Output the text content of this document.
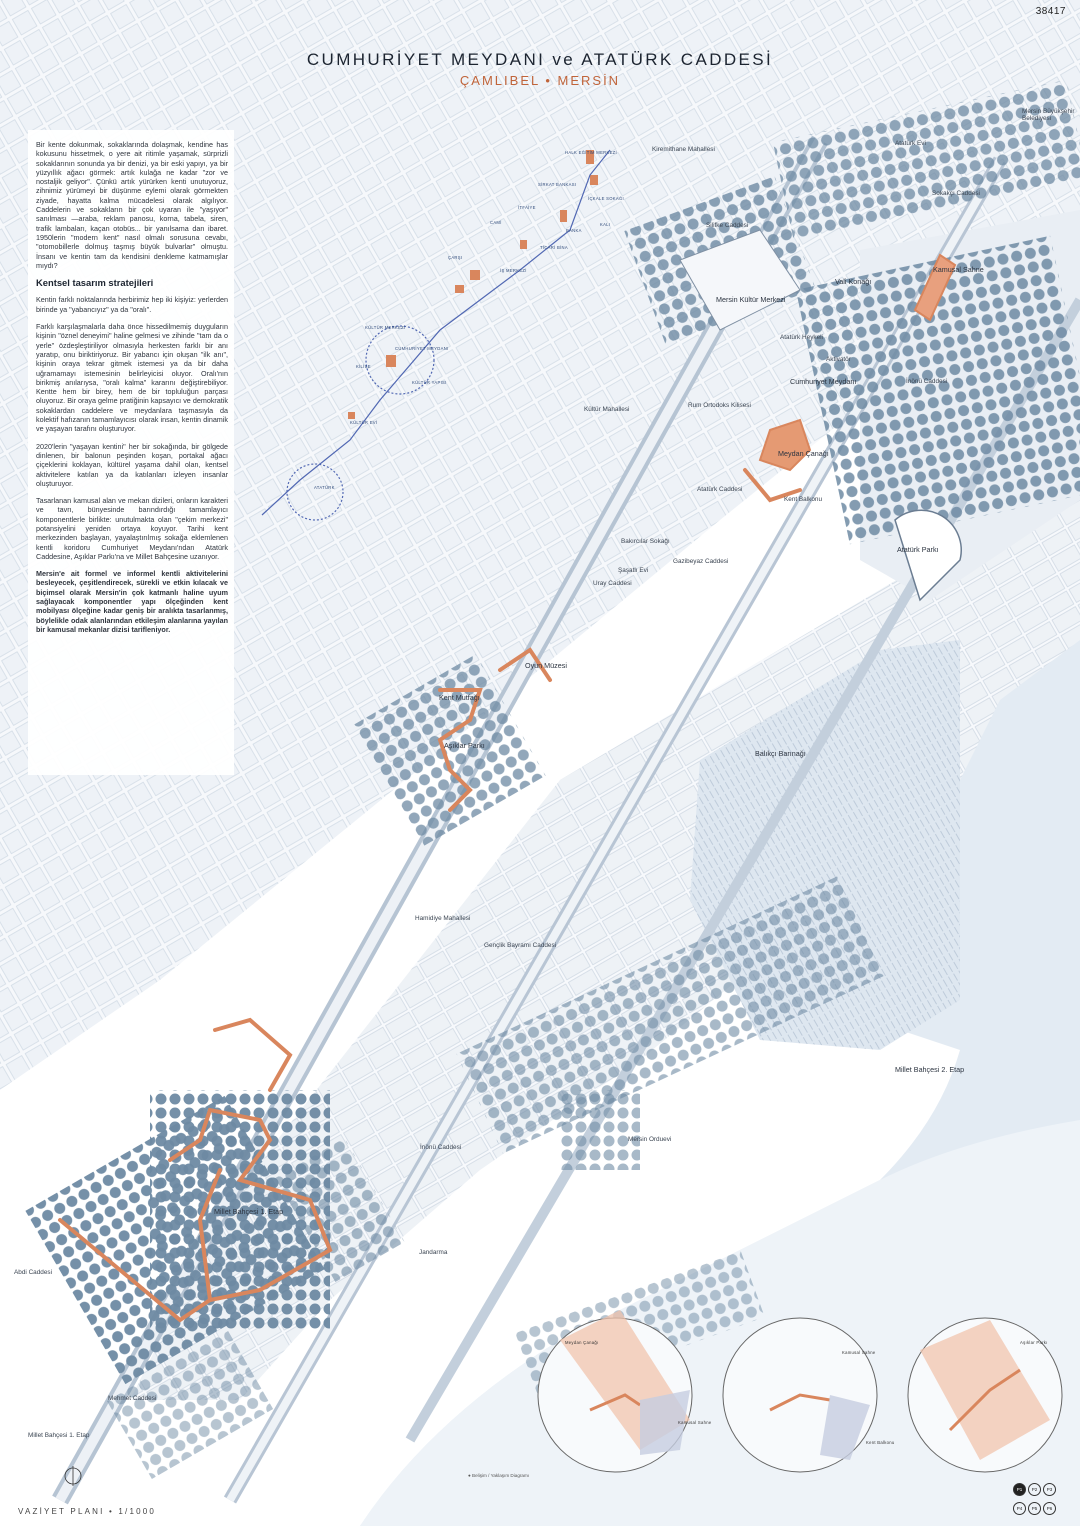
38417
CUMHURİYET MEYDANI ve ATATÜRK CADDESİ
ÇAMLIBEL • MERSİN

Bir kente dokunmak, sokaklarında dolaşmak, kendine has kokusunu hissetmek, o yere ait ritimle yaşamak, sürprizli sokaklarının sonunda ya bir denizi, ya bir eski yapıyı, ya bir yüzyıllık ağacı görmek: artık kulağa ne kadar "zor ve nostaljik geliyor". Çünkü artık yürürken kenti unutuyoruz, zihnimiz yürümeyi bir düşünme eylemi olarak görmekten ziyade, hayatta kalma mücadelesi olarak algılıyor. Caddelerin ve sokakların bir çok uyaran ile "yaşıyor" sanılması —araba, reklam panosu, korna, tabela, siren, trafik lambaları, kaçan otobüs... bir yanılsama dan ibaret. 1950lerin "modern kent" nasıl olmalı sorusuna cevabı, "otomobillerle dolmuş taşmış büyük bulvarlar" olmuştu. İnsanı ve kentin tam da kendisini denkleme katmamışlar mıydı?

Kentsel tasarım stratejileri

Kentin farklı noktalarında herbirimiz hep iki kişiyiz: yerlerden birinde ya "yabancıyız" ya da "oralı".

Farklı karşılaşmalarla daha önce hissedilmemiş duyguların kişinin "öznel deneyimi" haline gelmesi ve zihinde "tam da o yerle" özdeşleştiriliyor olmasıyla herkesten farklı bir anı yaratıp, onu biriktiriyoruz. Bir yabancı için oluşan "ilk anı", kişinin oraya tekrar gitmek istemesi ya da bir daha uğramamayı istemesinin belirleyicisi oluyor. Oralı'nın birikmiş anılarıysa, "oralı kalma" kararını değiştirebiliyor. Kentte hem bir birey, hem de bir topluluğun parçası oluyoruz. Bir oraya gelme pratiğinin kapsayıcı ve demokratik sokaklardan caddelere ve meydanlara taşmasıyla da kolektif hafızanın tamamlayıcısı olarak insan, kentin dinamik ve yaşayan tarafını oluşturuyor.

2020'lerin "yaşayan kentini" her bir sokağında, bir gölgede dinlenen, bir balonun peşinden koşan, portakal ağacı çiçeklerini koklayan, kültürel yaşama dahil olan, kentsel aktivitelere katılan ya da katılanları izleyen insanlar oluşturuyor.

Tasarlanan kamusal alan ve mekan dizileri, onların karakteri ve tavrı, bünyesinde barındırdığı tamamlayıcı komponentlerle birlikte: unutulmakta olan "çekim merkezi" potansiyelini yeniden ortaya koyuyor. Tarihi kent merkezinden başlayan, yayalaştırılmış sokağa eklemlenen kentli koridoru Cumhuriyet Meydanı'ndan Atatürk Caddesine, Aşıklar Parkı'na ve Millet Bahçesine uzanıyor.

Mersin'e ait formel ve informel kentli aktivitelerini besleyecek, çeşitlendirecek, sürekli ve etkin kılacak ve biçimsel olarak Mersin'in çok katmanlı haline uyum sağlayacak komponentler yapı ölçeğinden kent mobilyası ölçeğine kadar geniş bir aralıkta tasarlanmış, böylelikle odak alanlarından etkileşim alanlarına yayılan bir kamusal mekanlar dizisi tarifleniyor.

Mersin Büyükşehir Belediyesi
Atatürk Evi
Kiremithane Mahallesi
Sokakçı Caddesi
Silifke Caddesi
Vali Konağı
Kamusal Sahne
Mersin Kültür Merkezi
Atatürk Heykeli
Aktivatör
Cumhuriyet Meydanı	İnönü Caddesi
Rum Ortodoks Kilisesi
Kültür Mahallesi
Meydan Çanağı
Atatürk Caddesi
Kent Balkonu
Atatürk Parkı
Şaşatlı Evi
Bakırcılar Sokağı
Uray Caddesi
Gazibeyaz Caddesi
Kent Mutfağı
Oyun Müzesi
Aşıklar Parkı
Balıkçı Barınağı
Hamidiye Mahallesi
Gençlik Bayramı Caddesi
Millet Bahçesi 2. Etap
Mersin Orduevi
İnönü Caddesi
Millet Bahçesi 1. Etap
Jandarma
Mehmet Caddesi
Abdi Caddesi
Millet Bahçesi 1. Etap
KÜLTÜR MERKEZİ
CUMHURİYET MEYDANI
KİLİSE
KÜLTÜR YAPISI
KÜLTÜR EVİ
ATATÜRK
CAMİ
HALK EĞİTİM MERKEZİ
ÇARŞI
İTFAİYE
BANKA
SİRKAT BANKASI
İŞ MERKEZİ
KALI
İÇKALE SOKAĞI
TİCARİ BİNA
Meydan Çanağı
Kamusal Sahne
Kamusal Sahne
Kent Balkonu
Aşıklar Parkı
● Belişim / Yaklaşım Diagramı
VAZİYET PLANI • 1/1000
P1 P2 P3P4 P5 P6
